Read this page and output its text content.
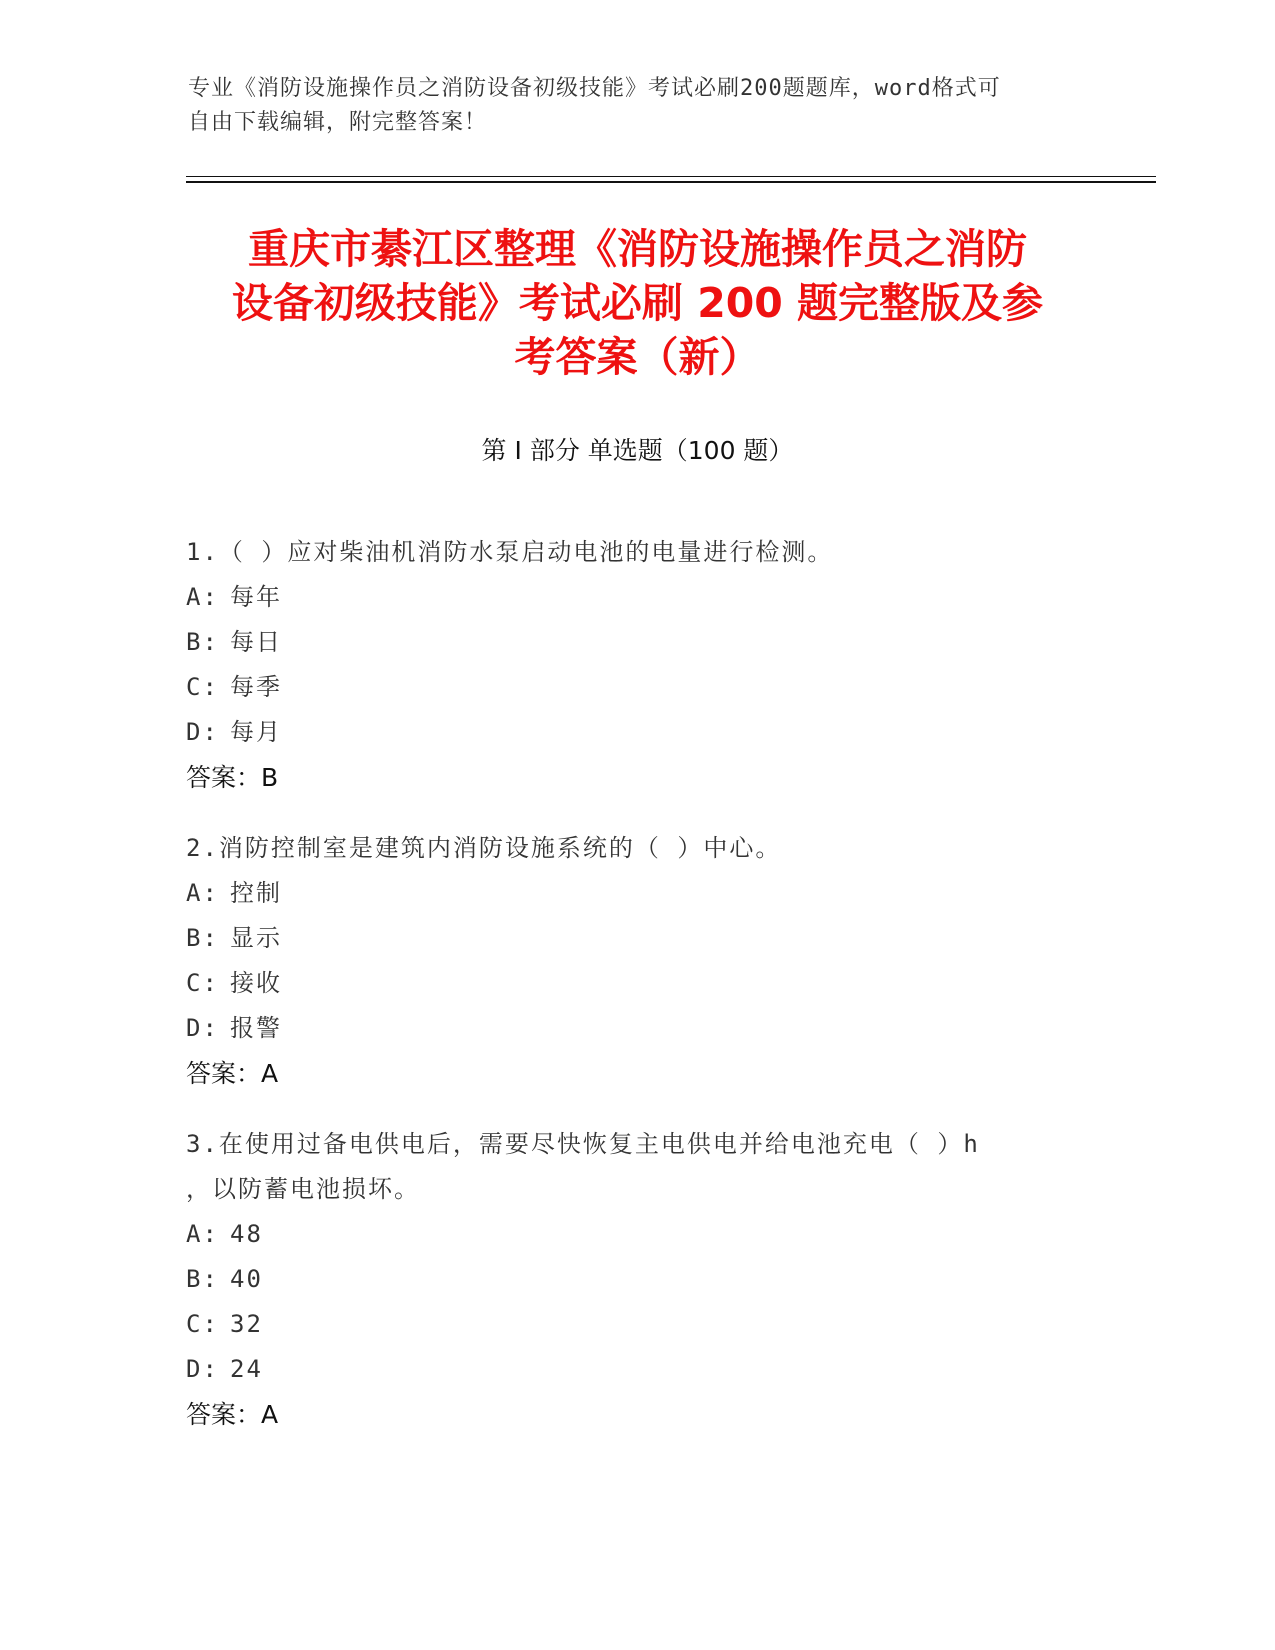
专业《消防设施操作员之消防设备初级技能》考试必刷200题题库，word格式可
自由下载编辑，附完整答案！
重庆市綦江区整理《消防设施操作员之消防
设备初级技能》考试必刷 200 题完整版及参
考答案（新）
第 I 部分 单选题（100 题）
1.（ ）应对柴油机消防水泵启动电池的电量进行检测。
A: 每年
B: 每日
C: 每季
D: 每月
答案：B
2.消防控制室是建筑内消防设施系统的（ ）中心。
A: 控制
B: 显示
C: 接收
D: 报警
答案：A
3.在使用过备电供电后，需要尽快恢复主电供电并给电池充电（ ）h
，以防蓄电池损坏。
A: 48
B: 40
C: 32
D: 24
答案：A
